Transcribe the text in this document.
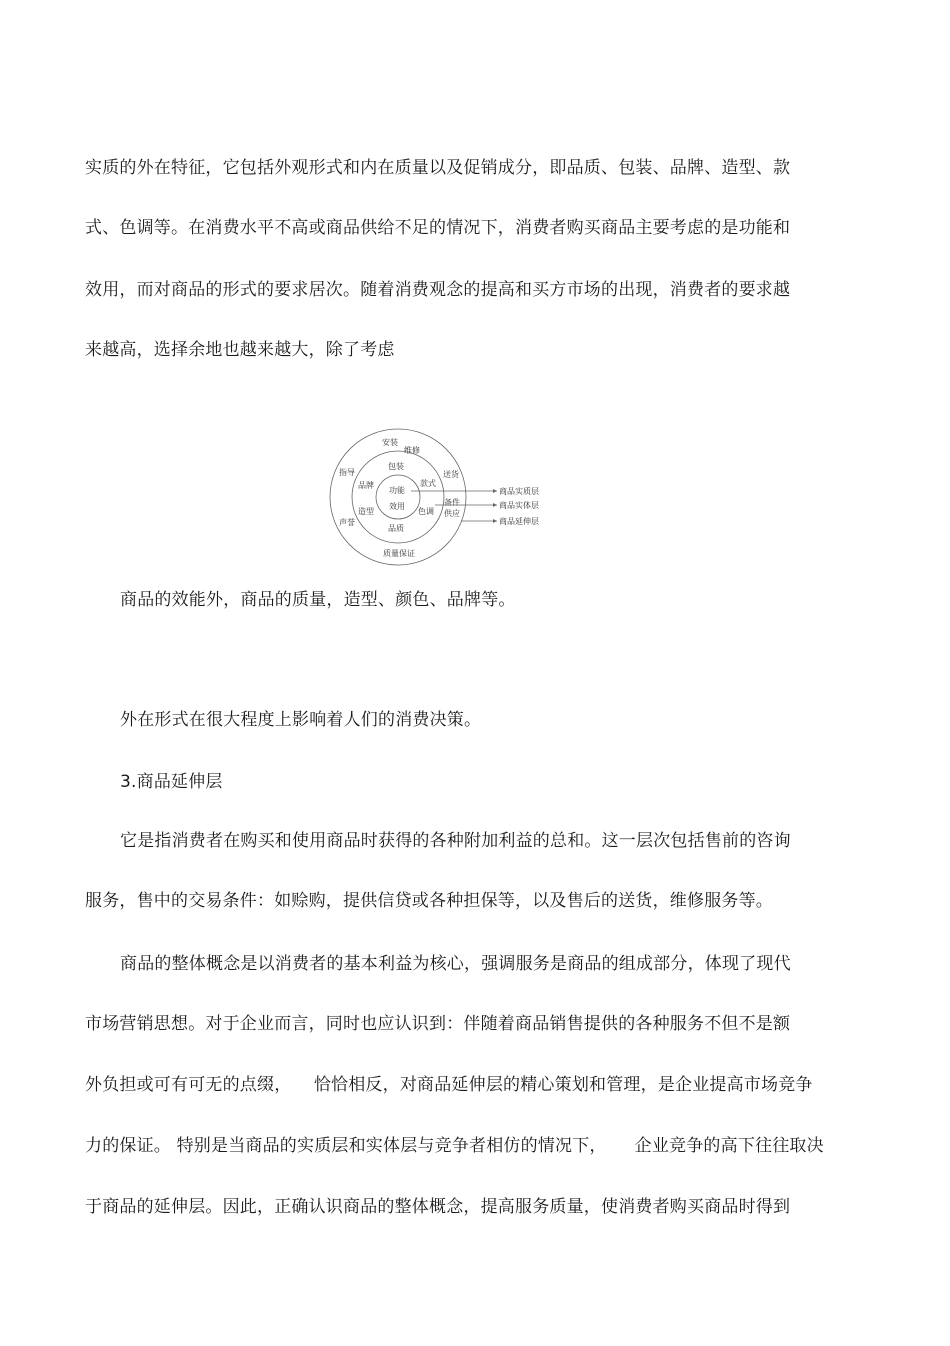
实质的外在特征，它包括外观形式和内在质量以及促销成分，即品质、包装、品牌、造型、款
式、色调等。在消费水平不高或商品供给不足的情况下，消费者购买商品主要考虑的是功能和
效用，而对商品的形式的要求居次。随着消费观念的提高和买方市场的出现，消费者的要求越
来越高，选择余地也越来越大，除了考虑
功能
效用
包装
品牌	款式
造型	色调
品质
安装
维修
指导	送货
备件
供应
声誉
质量保证
商品实质层
商品实体层
商品延伸层
商品的效能外，商品的质量，造型、颜色、品牌等。
外在形式在很大程度上影响着人们的消费决策。
3.商品延伸层
它是指消费者在购买和使用商品时获得的各种附加利益的总和。这一层次包括售前的咨询
服务，售中的交易条件：如赊购，提供信贷或各种担保等，以及售后的送货，维修服务等。
商品的整体概念是以消费者的基本利益为核心，强调服务是商品的组成部分，体现了现代
市场营销思想。对于企业而言，同时也应认识到：伴随着商品销售提供的各种服务不但不是额
外负担或可有可无的点缀，    恰恰相反，对商品延伸层的精心策划和管理，是企业提高市场竞争
力的保证。 特别是当商品的实质层和实体层与竞争者相仿的情况下，     企业竞争的高下往往取决
于商品的延伸层。因此，正确认识商品的整体概念，提高服务质量，使消费者购买商品时得到
